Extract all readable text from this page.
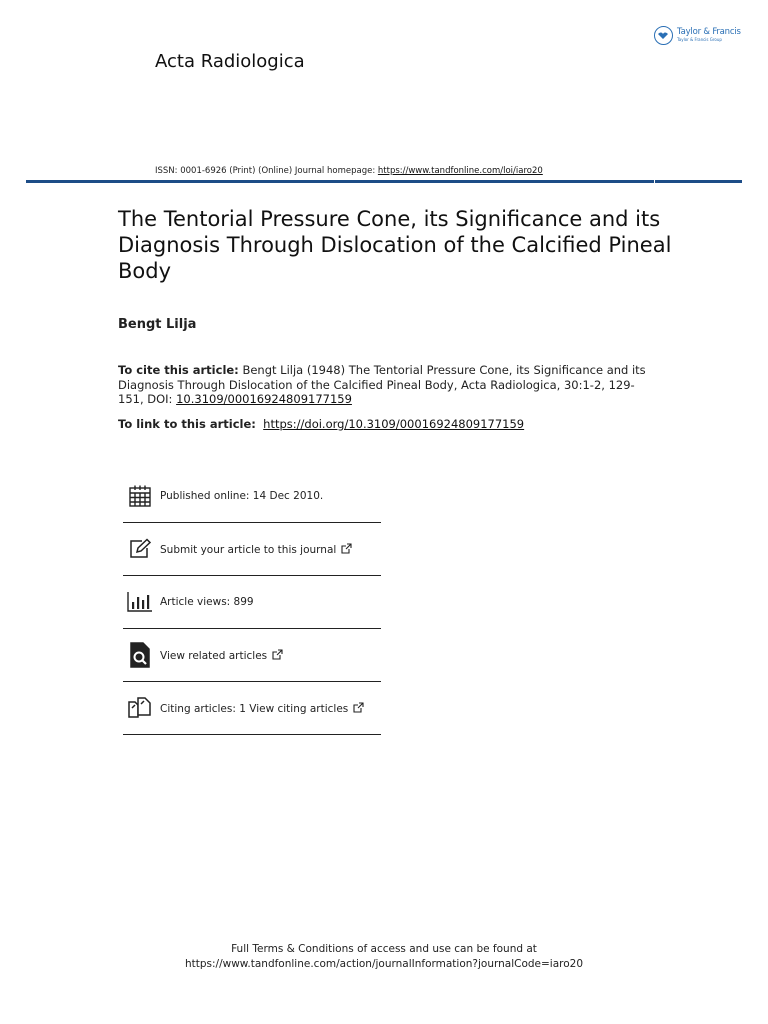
Taylor & Francis
Taylor & Francis Group
Acta Radiologica
ISSN: 0001-6926 (Print) (Online) Journal homepage: https://www.tandfonline.com/loi/iaro20
The Tentorial Pressure Cone, its Significance and its Diagnosis Through Dislocation of the Calcified Pineal Body
Bengt Lilja
To cite this article: Bengt Lilja (1948) The Tentorial Pressure Cone, its Significance and its Diagnosis Through Dislocation of the Calcified Pineal Body, Acta Radiologica, 30:1-2, 129-151, DOI: 10.3109/00016924809177159
To link to this article: https://doi.org/10.3109/00016924809177159
Published online: 14 Dec 2010.
Submit your article to this journal
Article views: 899
View related articles
Citing articles: 1 View citing articles
Full Terms & Conditions of access and use can be found at
https://www.tandfonline.com/action/journalInformation?journalCode=iaro20
